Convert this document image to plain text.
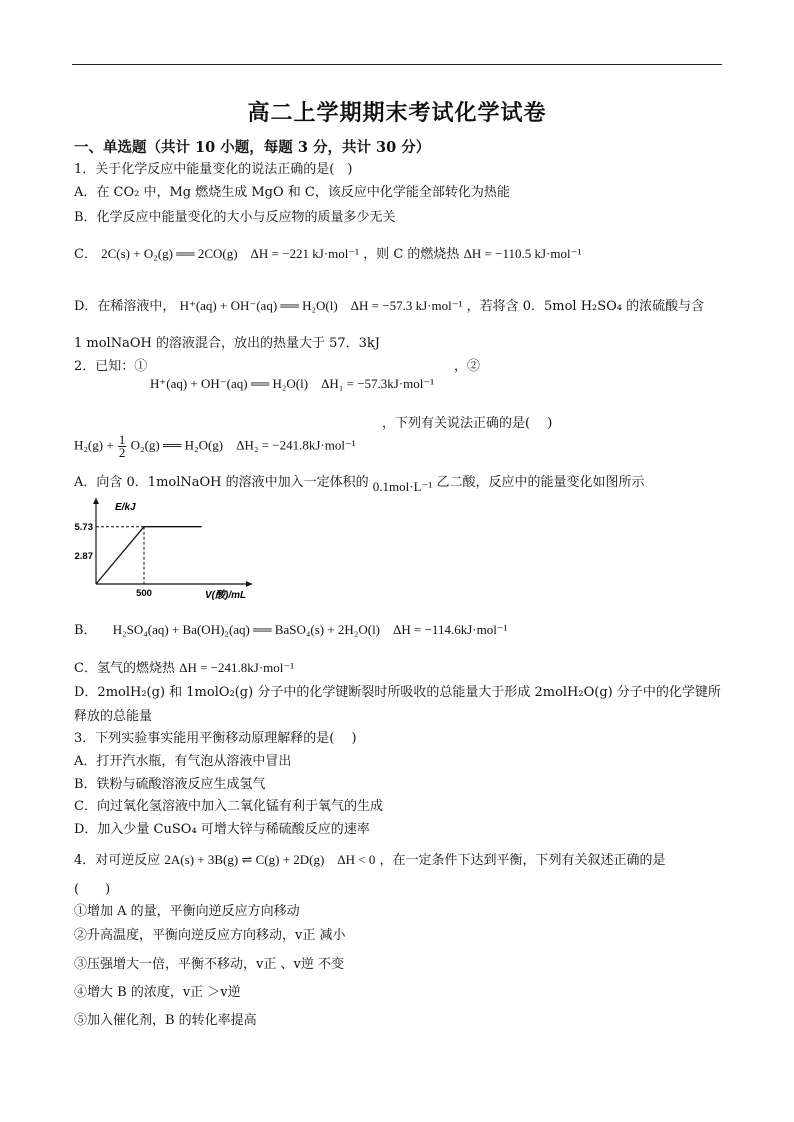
高二上学期期末考试化学试卷
一、单选题（共计 10 小题，每题 3 分，共计 30 分）
1．关于化学反应中能量变化的说法正确的是(　)
A．在 CO₂ 中，Mg 燃烧生成 MgO 和 C，该反应中化学能全部转化为热能
B．化学反应中能量变化的大小与反应物的质量多少无关
C． 2C(s) + O₂(g) ══ 2CO(g)　ΔH = −221 kJ·mol⁻¹ ，则 C 的燃烧热 ΔH = −110.5 kJ·mol⁻¹
D．在稀溶液中， H⁺(aq) + OH⁻(aq) ══ H₂O(l)　ΔH = −57.3 kJ·mol⁻¹ ，若将含 0．5mol H₂SO₄ 的浓硫酸与含
1 molNaOH 的溶液混合，放出的热量大于 57．3kJ
2．已知：①
H⁺(aq) + OH⁻(aq) ══ H₂O(l)　ΔH₁ = −57.3kJ·mol⁻¹
，②
，下列有关说法正确的是(　 )
$H_2(g) + \frac{1}{2} O_2(g)$ ══ H₂O(g)　ΔH₂ = −241.8kJ·mol⁻¹
A．向含 0．1molNaOH 的溶液中加入一定体积的 0.1mol·L⁻¹ 乙二酸，反应中的能量变化如图所示
E/kJ
V(酸)/mL
5.73
2.87
500
B． H₂SO₄(aq) + Ba(OH)₂(aq) ══ BaSO₄(s) + 2H₂O(l)　ΔH = −114.6kJ·mol⁻¹
C．氢气的燃烧热 ΔH = −241.8kJ·mol⁻¹
D．2molH₂(g) 和 1molO₂(g) 分子中的化学键断裂时所吸收的总能量大于形成 2molH₂O(g) 分子中的化学键所
释放的总能量
3．下列实验事实能用平衡移动原理解释的是(　 )
A．打开汽水瓶，有气泡从溶液中冒出
B．铁粉与硫酸溶液反应生成氢气
C．向过氧化氢溶液中加入二氧化锰有利于氧气的生成
D．加入少量 CuSO₄ 可增大锌与稀硫酸反应的速率
4．对可逆反应 2A(s) + 3B(g) ⇌ C(g) + 2D(g)　ΔH < 0 ，在一定条件下达到平衡，下列有关叙述正确的是
(　　)
①增加 A 的量，平衡向逆反应方向移动
②升高温度，平衡向逆反应方向移动，v正 减小
③压强增大一倍，平衡不移动，v正 、v逆 不变
④增大 B 的浓度，v正 ＞v逆
⑤加入催化剂，B 的转化率提高
